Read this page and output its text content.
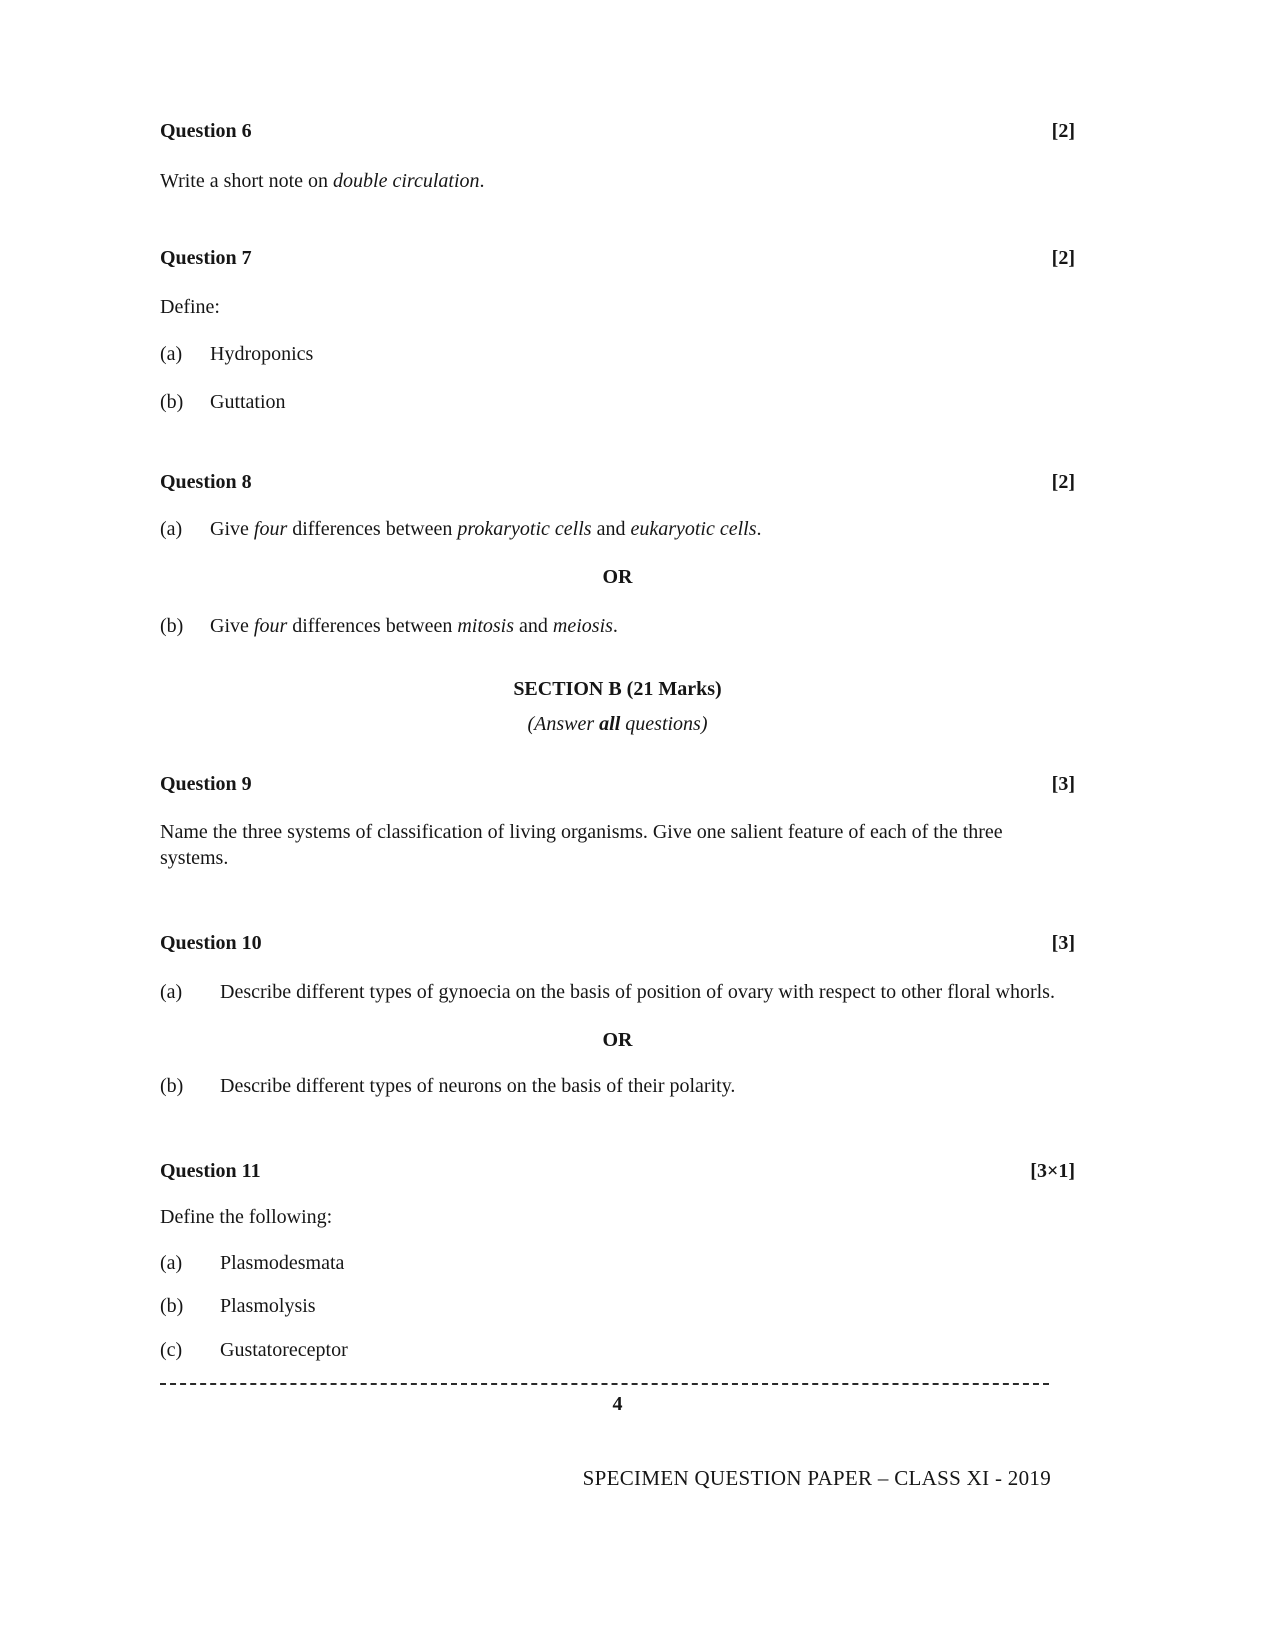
Question 6	[2]

Write a short note on double circulation.

Question 7	[2]

Define:

(a)	Hydroponics
(b)	Guttation
Question 8	[2]
(a)	Give four differences between prokaryotic cells and eukaryotic cells.
OR
(b)	Give four differences between mitosis and meiosis.
SECTION B (21 Marks)
(Answer all questions)
Question 9	[3]

Name the three systems of classification of living organisms. Give one salient feature of each of the three systems.

Question 10	[3]
(a)	Describe different types of gynoecia on the basis of position of ovary with respect to other floral whorls.
OR
(b)	Describe different types of neurons on the basis of their polarity.
Question 11	[3×1]

Define the following:

(a)	Plasmodesmata
(b)	Plasmolysis
(c)	Gustatoreceptor
4
SPECIMEN QUESTION PAPER – CLASS XI - 2019
